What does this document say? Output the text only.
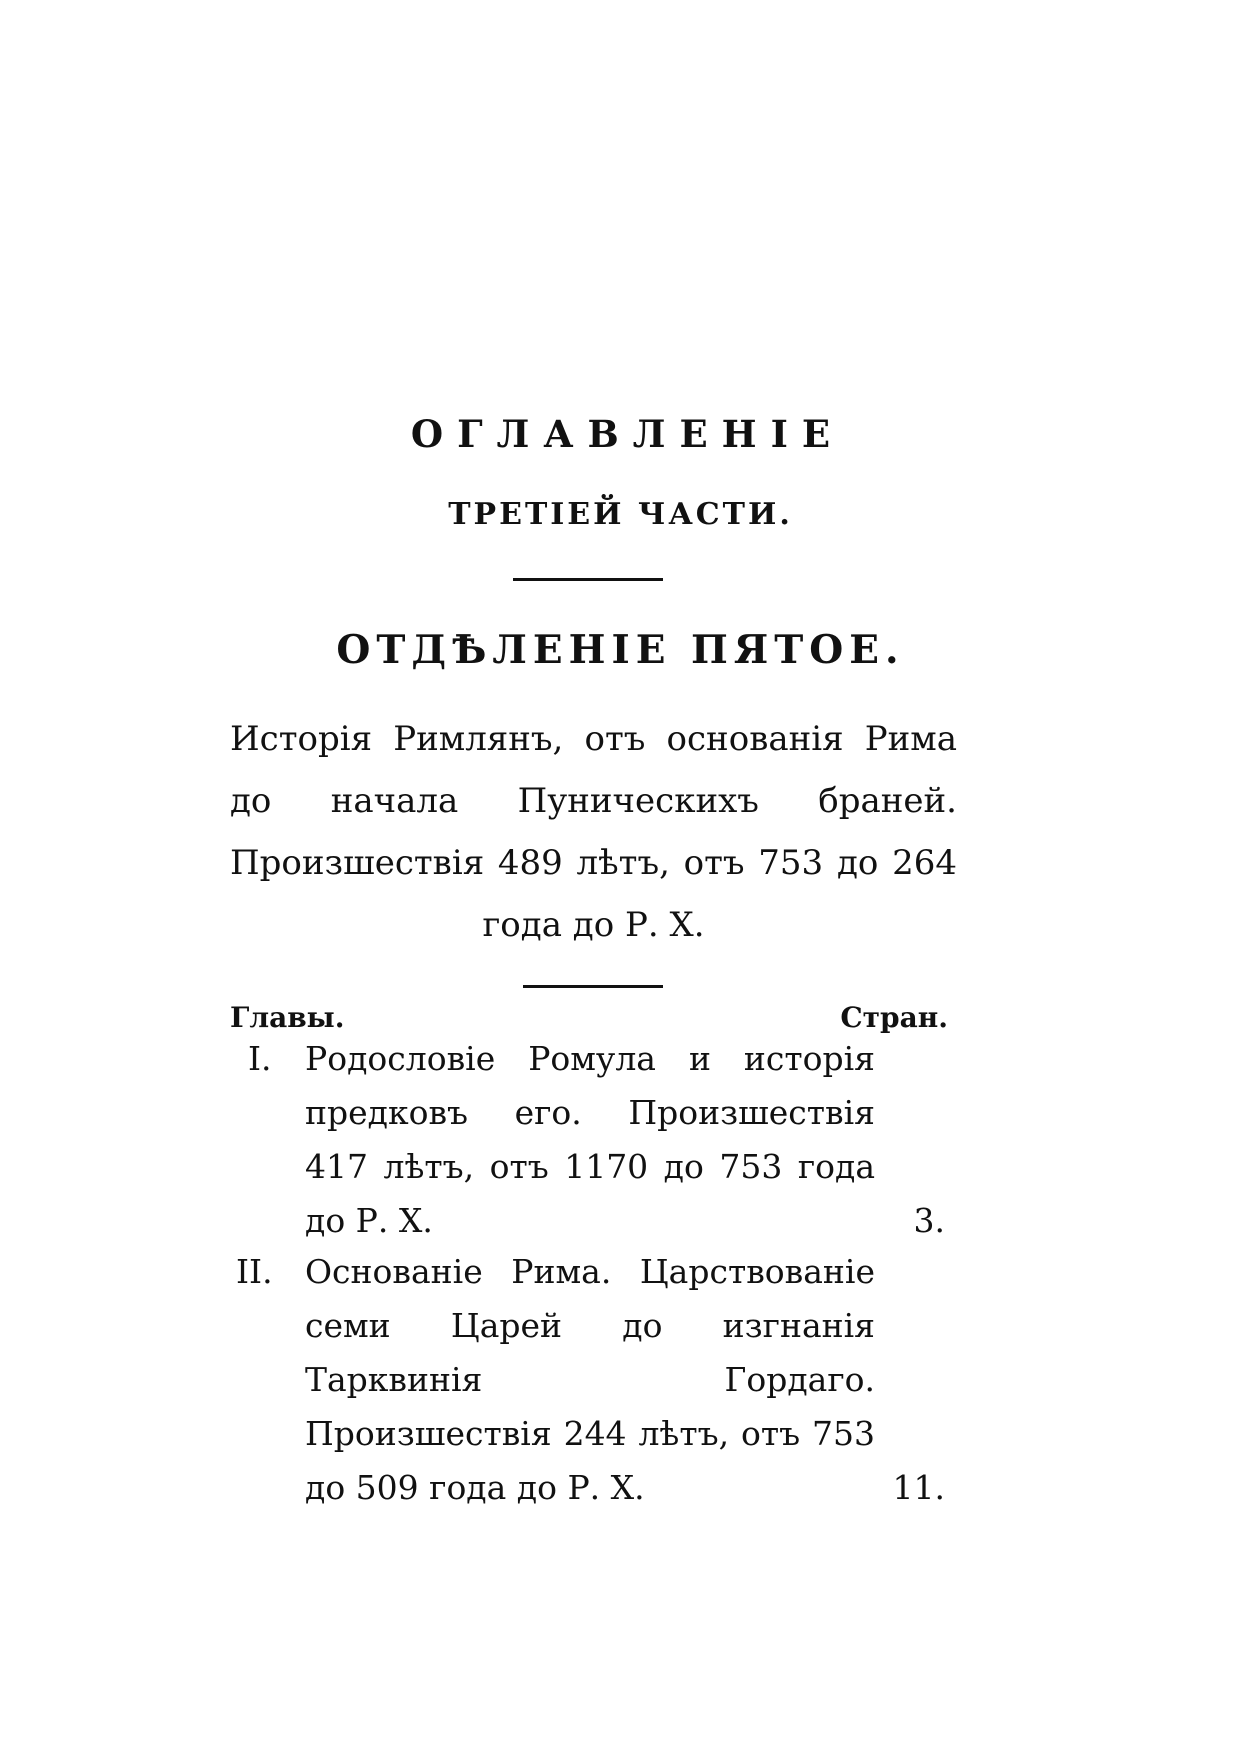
ОГЛАВЛЕНІЕ
ТРЕТІЕЙ ЧАСТИ.
ОТДѢЛЕНІЕ ПЯТОЕ.
Исторія Римлянъ, отъ основанія Рима до начала Пуническихъ браней. Произшествія 489 лѣтъ, отъ 753 до 264 года до Р. Х.
Главы.	Стран.
I. Родословіе Ромула и исторія предковъ его. Произшествія 417 лѣтъ, отъ 1170 до 753 года до Р. Х.	3.
II. Основаніе Рима. Царствованіе семи Царей до изгнанія Тарквинія Гордаго. Произшествія 244 лѣтъ, отъ 753 до 509 года до Р. Х.	11.
